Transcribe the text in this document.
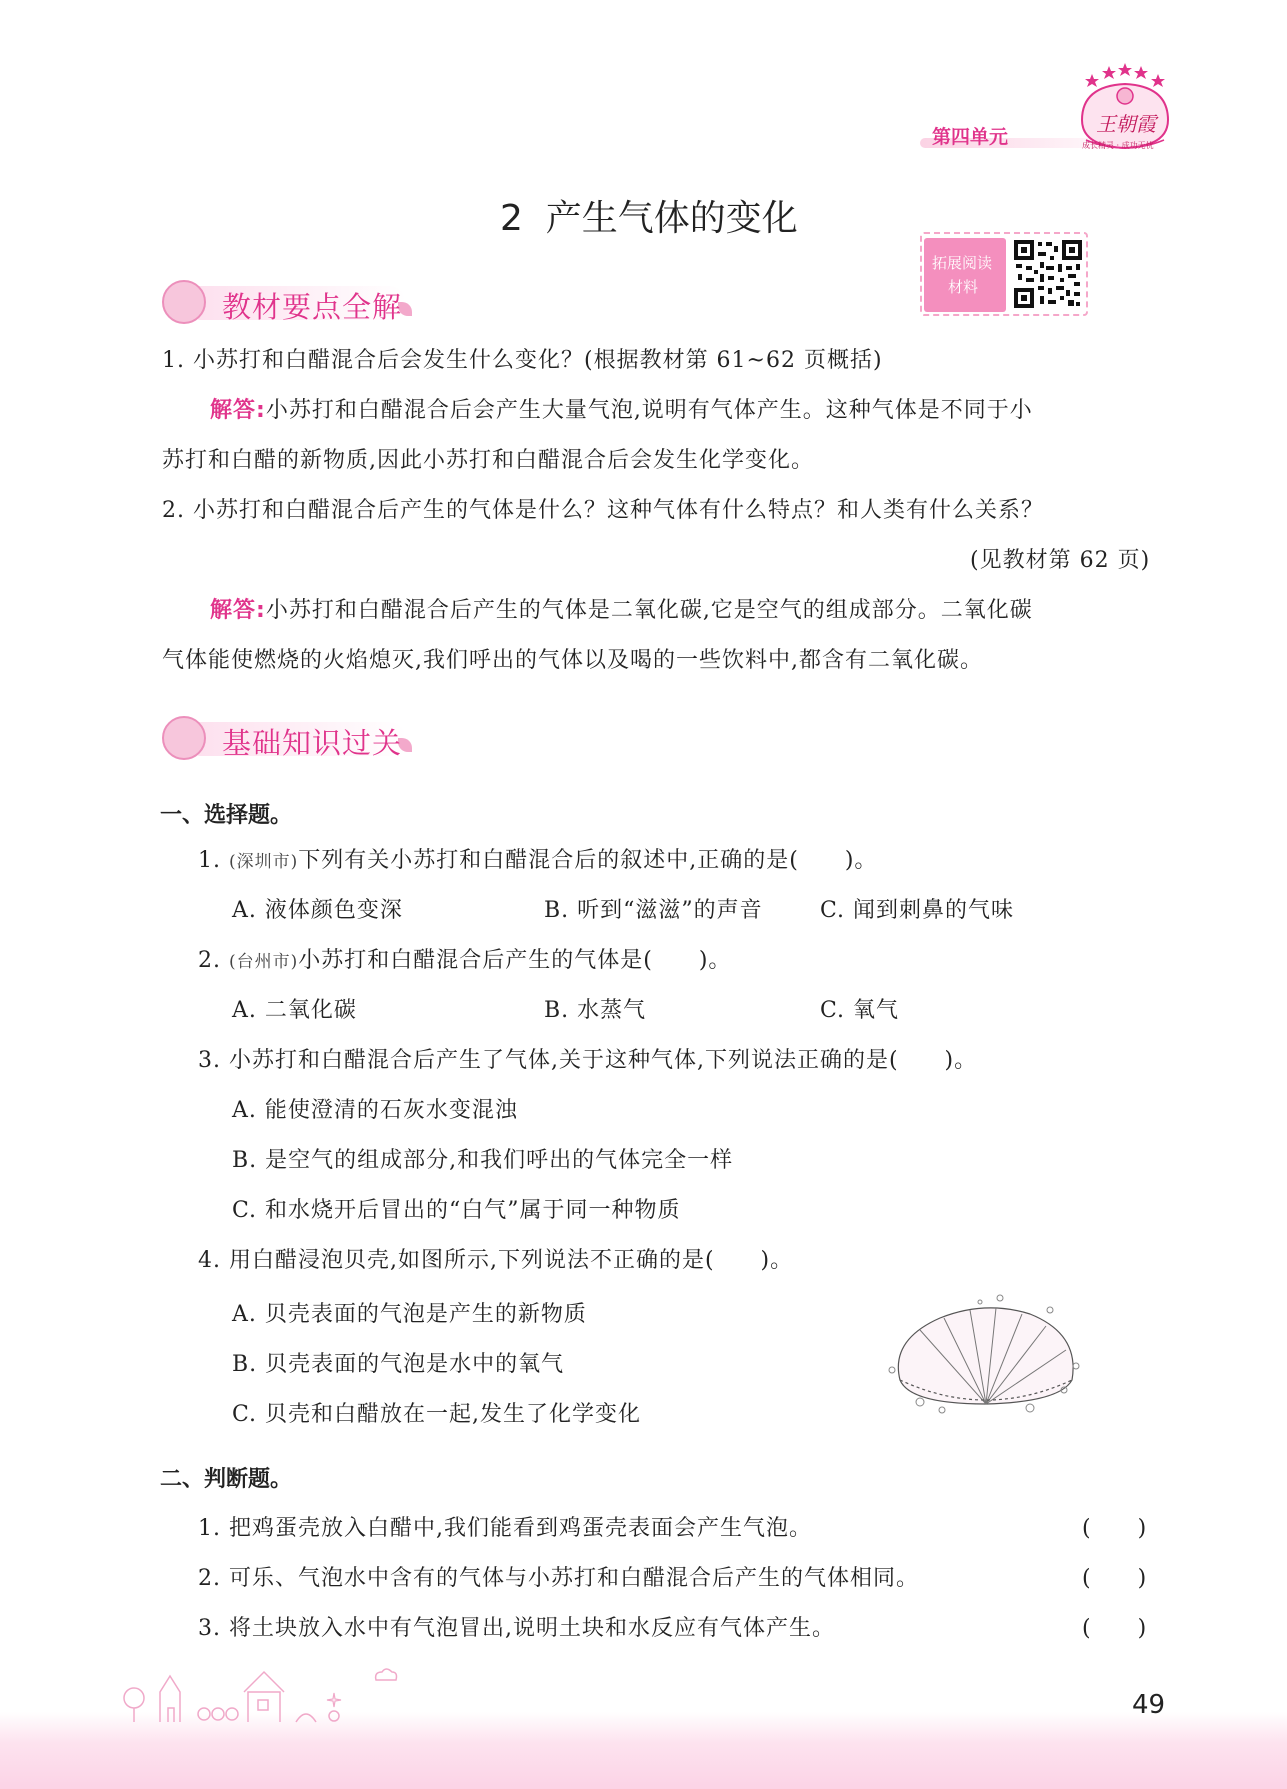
第四单元
王朝霞
成长精灵 · 成功无忧
2  产生气体的变化
拓展阅读
材料
教材要点全解
1. 小苏打和白醋混合后会发生什么变化？(根据教材第 61~62 页概括)
解答:小苏打和白醋混合后会产生大量气泡,说明有气体产生。这种气体是不同于小
苏打和白醋的新物质,因此小苏打和白醋混合后会发生化学变化。
2. 小苏打和白醋混合后产生的气体是什么？这种气体有什么特点？和人类有什么关系？
(见教材第 62 页)
解答:小苏打和白醋混合后产生的气体是二氧化碳,它是空气的组成部分。二氧化碳
气体能使燃烧的火焰熄灭,我们呼出的气体以及喝的一些饮料中,都含有二氧化碳。
基础知识过关
一、选择题。
1. (深圳市)下列有关小苏打和白醋混合后的叙述中,正确的是(　　)。
A. 液体颜色变深	B. 听到“滋滋”的声音	C. 闻到刺鼻的气味
2. (台州市)小苏打和白醋混合后产生的气体是(　　)。
A. 二氧化碳	B. 水蒸气	C. 氧气
3. 小苏打和白醋混合后产生了气体,关于这种气体,下列说法正确的是(　　)。
A. 能使澄清的石灰水变混浊
B. 是空气的组成部分,和我们呼出的气体完全一样
C. 和水烧开后冒出的“白气”属于同一种物质
4. 用白醋浸泡贝壳,如图所示,下列说法不正确的是(　　)。
A. 贝壳表面的气泡是产生的新物质
B. 贝壳表面的气泡是水中的氧气
C. 贝壳和白醋放在一起,发生了化学变化
二、判断题。
1. 把鸡蛋壳放入白醋中,我们能看到鸡蛋壳表面会产生气泡。	(　　)
2. 可乐、气泡水中含有的气体与小苏打和白醋混合后产生的气体相同。	(　　)
3. 将土块放入水中有气泡冒出,说明土块和水反应有气体产生。	(　　)
49
